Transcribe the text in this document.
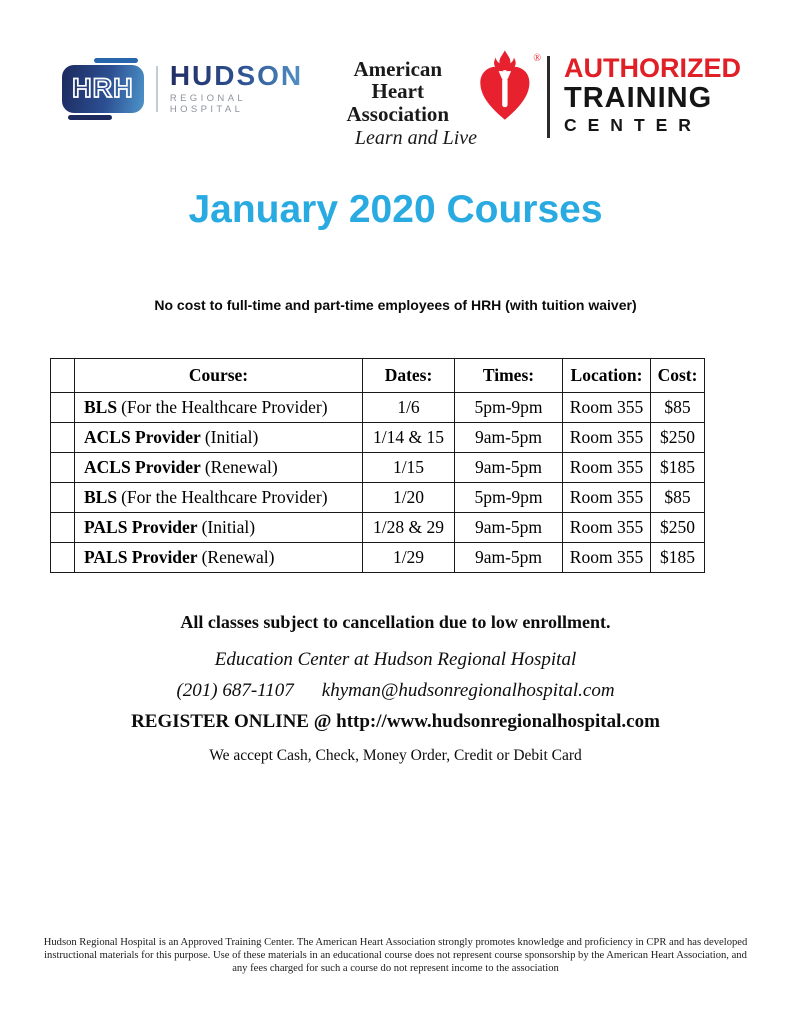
HRH HUDSON
REGIONAL HOSPITAL
American Heart
Association
®
Learn and Live
AUTHORIZED
TRAINING
CENTER
January 2020 Courses
No cost to full-time and part-time employees of HRH (with tuition waiver)
	Course:	Dates:	Times:	Location:	Cost:
	BLS (For the Healthcare Provider)	1/6	5pm-9pm	Room 355	$85
	ACLS Provider (Initial)	1/14 & 15	9am-5pm	Room 355	$250
	ACLS Provider (Renewal)	1/15	9am-5pm	Room 355	$185
	BLS (For the Healthcare Provider)	1/20	5pm-9pm	Room 355	$85
	PALS Provider (Initial)	1/28 & 29	9am-5pm	Room 355	$250
	PALS Provider (Renewal)	1/29	9am-5pm	Room 355	$185
All classes subject to cancellation due to low enrollment.
Education Center at Hudson Regional Hospital
(201) 687-1107 khyman@hudsonregionalhospital.com
REGISTER ONLINE @ http://www.hudsonregionalhospital.com
We accept Cash, Check, Money Order, Credit or Debit Card
Hudson Regional Hospital is an Approved Training Center. The American Heart Association strongly promotes knowledge and proficiency in CPR and has developed
instructional materials for this purpose. Use of these materials in an educational course does not represent course sponsorship by the American Heart Association, and
any fees charged for such a course do not represent income to the association
